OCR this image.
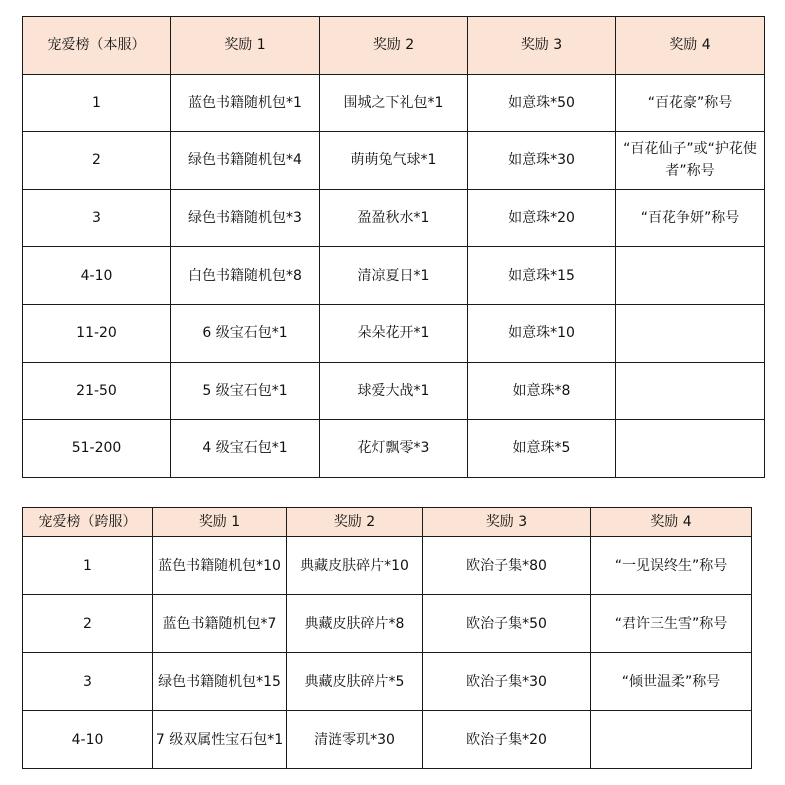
宠爱榜（本服）	奖励 1	奖励 2	奖励 3	奖励 4
1	蓝色书籍随机包*1	围城之下礼包*1	如意珠*50	“百花豪”称号
2	绿色书籍随机包*4	萌萌兔气球*1	如意珠*30	“百花仙子”或“护花使者”称号
3	绿色书籍随机包*3	盈盈秋水*1	如意珠*20	“百花争妍”称号
4-10	白色书籍随机包*8	清凉夏日*1	如意珠*15	
11-20	6 级宝石包*1	朵朵花开*1	如意珠*10	
21-50	5 级宝石包*1	球爱大战*1	如意珠*8	
51-200	4 级宝石包*1	花灯飘零*3	如意珠*5	
宠爱榜（跨服）	奖励 1	奖励 2	奖励 3	奖励 4
1	蓝色书籍随机包*10	典藏皮肤碎片*10	欧治子集*80	“一见误终生”称号
2	蓝色书籍随机包*7	典藏皮肤碎片*8	欧治子集*50	“君许三生雪”称号
3	绿色书籍随机包*15	典藏皮肤碎片*5	欧治子集*30	“倾世温柔”称号
4-10	7 级双属性宝石包*1	清涟零玑*30	欧治子集*20	
